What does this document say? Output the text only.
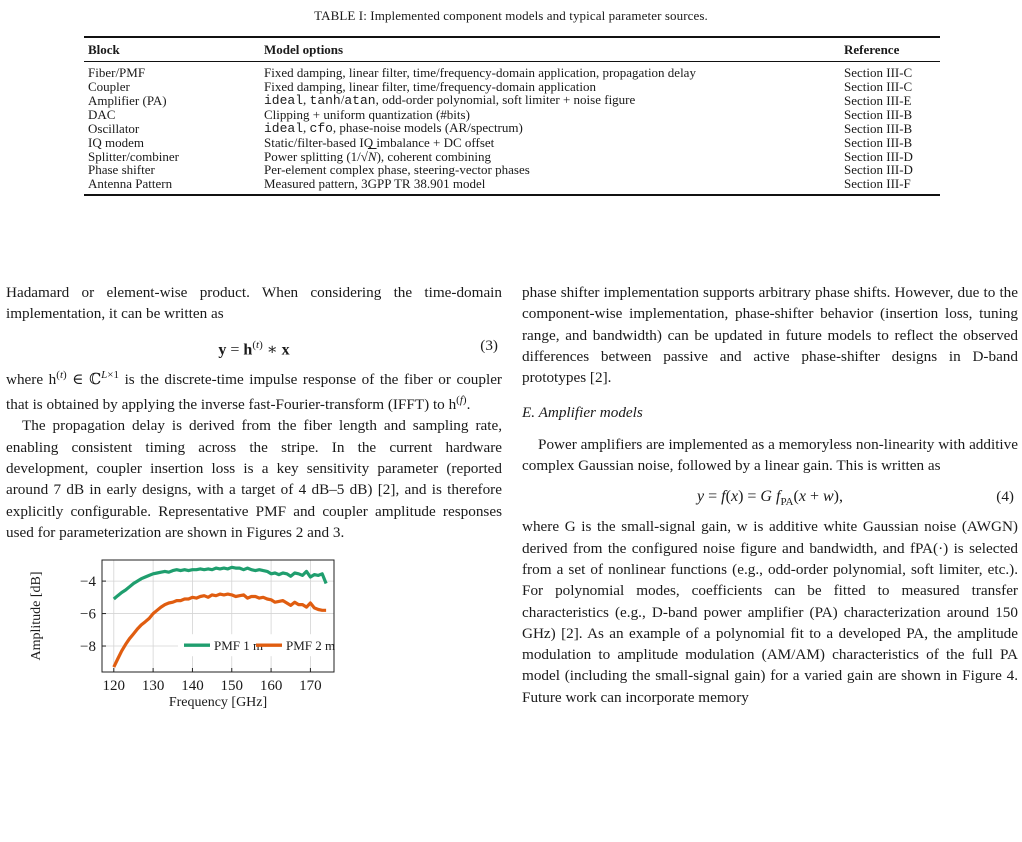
TABLE I: Implemented component models and typical parameter sources.
Block	Model options	Reference
Fiber/PMF	Fixed damping, linear filter, time/frequency-domain application, propagation delay	Section III-C
Coupler	Fixed damping, linear filter, time/frequency-domain application	Section III-C
Amplifier (PA)	ideal, tanh/atan, odd-order polynomial, soft limiter + noise figure	Section III-E
DAC	Clipping + uniform quantization (#bits)	Section III-B
Oscillator	ideal, cfo, phase-noise models (AR/spectrum)	Section III-B
IQ modem	Static/filter-based IQ imbalance + DC offset	Section III-B
Splitter/combiner	Power splitting (1/√N), coherent combining	Section III-D
Phase shifter	Per-element complex phase, steering-vector phases	Section III-D
Antenna Pattern	Measured pattern, 3GPP TR 38.901 model	Section III-F

Hadamard or element-wise product. When considering the time-domain implementation, it can be written as

$y = h^{(t)}$ ∗ x	(3)

where $h^{(t)}$ ∈ ℂ$^{L\times 1}$ is the discrete-time impulse response of the fiber or coupler that is obtained by applying the inverse fast-Fourier-transform (IFFT) to $h^{(f)}$.

The propagation delay is derived from the fiber length and sampling rate, enabling consistent timing across the stripe. In the current hardware development, coupler insertion loss is a key sensitivity parameter (reported around 7 dB in early designs, with a target of 4 dB–5 dB) [2], and is therefore explicitly configurable. Representative PMF and coupler amplitude responses used for parameterization are shown in Figures 2 and 3.

phase shifter implementation supports arbitrary phase shifts. However, due to the component-wise implementation, phase-shifter behavior (insertion loss, tuning range, and bandwidth) can be updated in future models to reflect the observed differences between passive and active phase-shifter designs in D-band prototypes [2].

E. Amplifier models

Power amplifiers are implemented as a memoryless non-linearity with additive complex Gaussian noise, followed by a linear gain. This is written as

y = f(x) = G $f_{PA}(x + w)$,	(4)

where G is the small-signal gain, w is additive white Gaussian noise (AWGN) derived from the configured noise figure and bandwidth, and fPA(·) is selected from a set of nonlinear functions (e.g., odd-order polynomial, soft limiter, etc.). For polynomial modes, coefficients can be fitted to measured transfer characteristics (e.g., D-band power amplifier (PA) characterization around 150 GHz) [2]. As an example of a polynomial fit to a developed PA, the amplitude modulation to amplitude modulation (AM/AM) characteristics of the full PA model (including the small-signal gain) for a varied gain are shown in Figure 4. Future work can incorporate memory

120 130 140 150 160 170
−4
−6
−8
Frequency [GHz]
Amplitude [dB]	PMF 1 m PMF 2 m
